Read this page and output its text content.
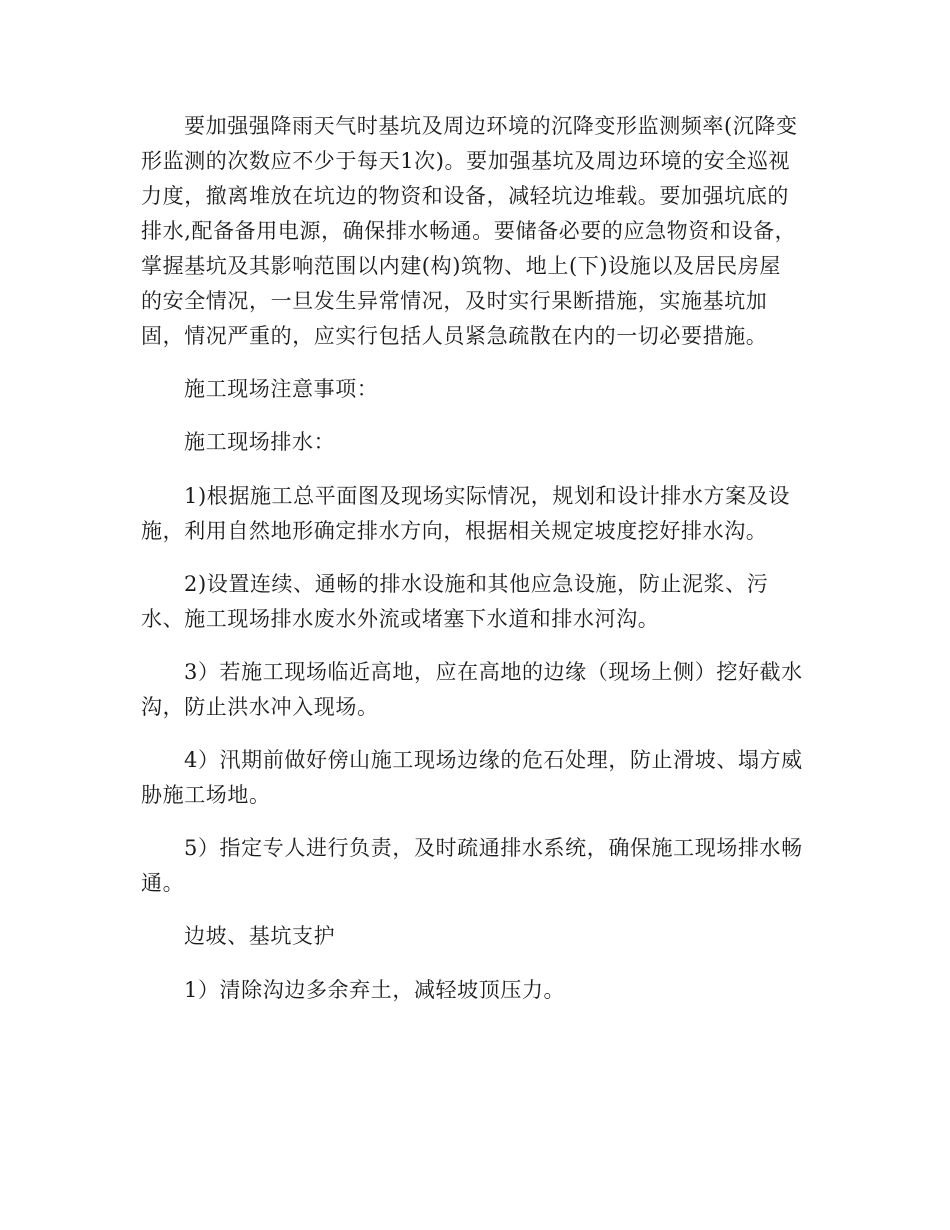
要加强强降雨天气时基坑及周边环境的沉降变形监测频率(沉降变
形监测的次数应不少于每天1次)。要加强基坑及周边环境的安全巡视
力度，撤离堆放在坑边的物资和设备，减轻坑边堆载。要加强坑底的
排水,配备备用电源，确保排水畅通。要储备必要的应急物资和设备，
掌握基坑及其影响范围以内建(构)筑物、地上(下)设施以及居民房屋
的安全情况，一旦发生异常情况，及时实行果断措施，实施基坑加
固，情况严重的，应实行包括人员紧急疏散在内的一切必要措施。
施工现场注意事项：
施工现场排水：
1)根据施工总平面图及现场实际情况，规划和设计排水方案及设
施，利用自然地形确定排水方向，根据相关规定坡度挖好排水沟。
2)设置连续、通畅的排水设施和其他应急设施，防止泥浆、污
水、施工现场排水废水外流或堵塞下水道和排水河沟。
3）若施工现场临近高地，应在高地的边缘（现场上侧）挖好截水
沟，防止洪水冲入现场。
4）汛期前做好傍山施工现场边缘的危石处理，防止滑坡、塌方威
胁施工场地。
5）指定专人进行负责，及时疏通排水系统，确保施工现场排水畅
通。
边坡、基坑支护
1）清除沟边多余弃土，减轻坡顶压力。
